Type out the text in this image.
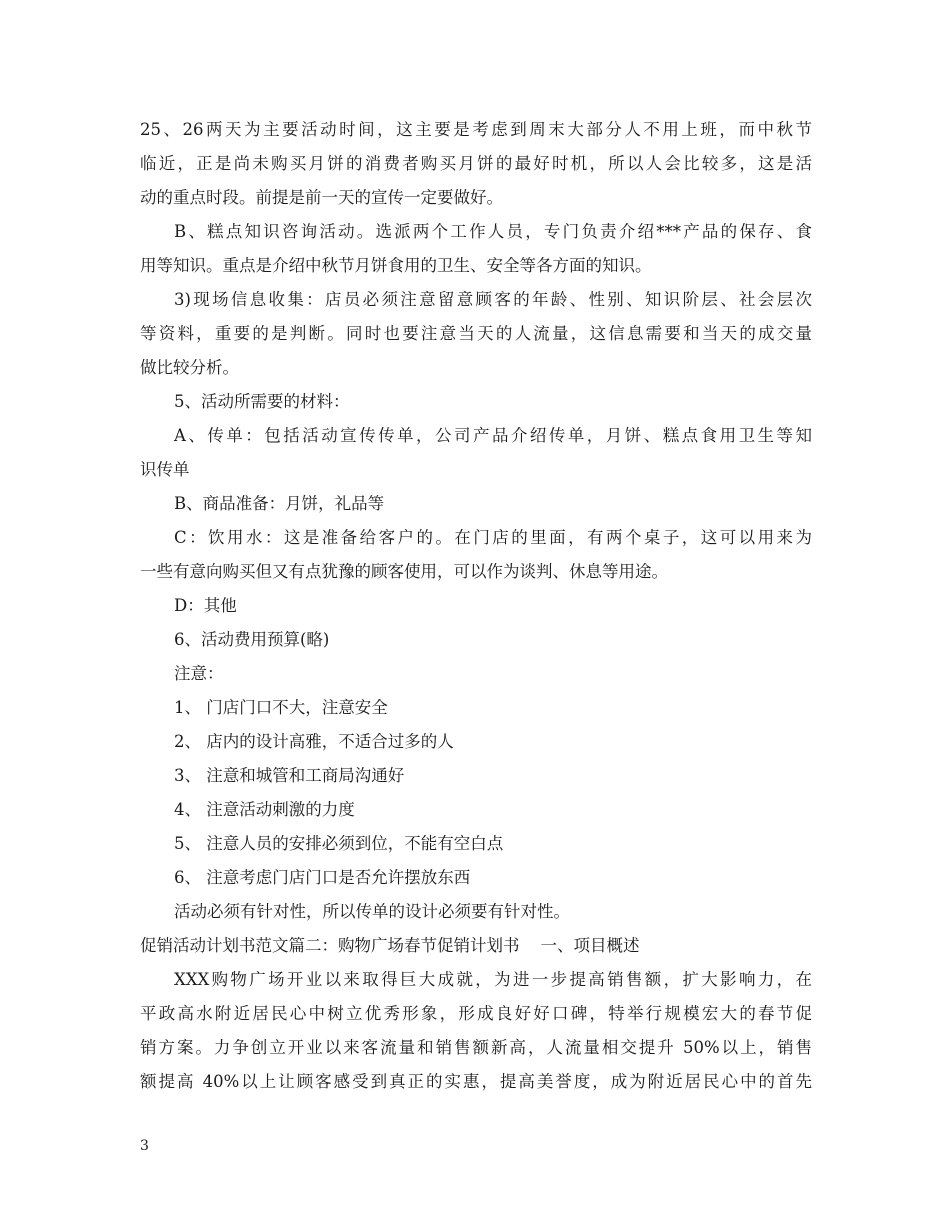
25、26两天为主要活动时间，这主要是考虑到周末大部分人不用上班，而中秋节
临近，正是尚未购买月饼的消费者购买月饼的最好时机，所以人会比较多，这是活
动的重点时段。前提是前一天的宣传一定要做好。
B、糕点知识咨询活动。选派两个工作人员，专门负责介绍***产品的保存、食
用等知识。重点是介绍中秋节月饼食用的卫生、安全等各方面的知识。
3)现场信息收集：店员必须注意留意顾客的年龄、性别、知识阶层、社会层次
等资料，重要的是判断。同时也要注意当天的人流量，这信息需要和当天的成交量
做比较分析。
5、活动所需要的材料：
A、传单：包括活动宣传传单，公司产品介绍传单，月饼、糕点食用卫生等知
识传单
B、商品准备：月饼，礼品等
C：饮用水：这是准备给客户的。在门店的里面，有两个桌子，这可以用来为
一些有意向购买但又有点犹豫的顾客使用，可以作为谈判、休息等用途。
D：其他
6、活动费用预算(略)
注意：
1、 门店门口不大，注意安全
2、 店内的设计高雅，不适合过多的人
3、 注意和城管和工商局沟通好
4、 注意活动刺激的力度
5、 注意人员的安排必须到位，不能有空白点
6、 注意考虑门店门口是否允许摆放东西
活动必须有针对性，所以传单的设计必须要有针对性。
促销活动计划书范文篇二：购物广场春节促销计划书    一、项目概述
XXX购物广场开业以来取得巨大成就，为进一步提高销售额，扩大影响力，在
平政高水附近居民心中树立优秀形象，形成良好好口碑，特举行规模宏大的春节促
销方案。力争创立开业以来客流量和销售额新高，人流量相交提升 50%以上，销售
额提高 40%以上让顾客感受到真正的实惠，提高美誉度，成为附近居民心中的首先
3
